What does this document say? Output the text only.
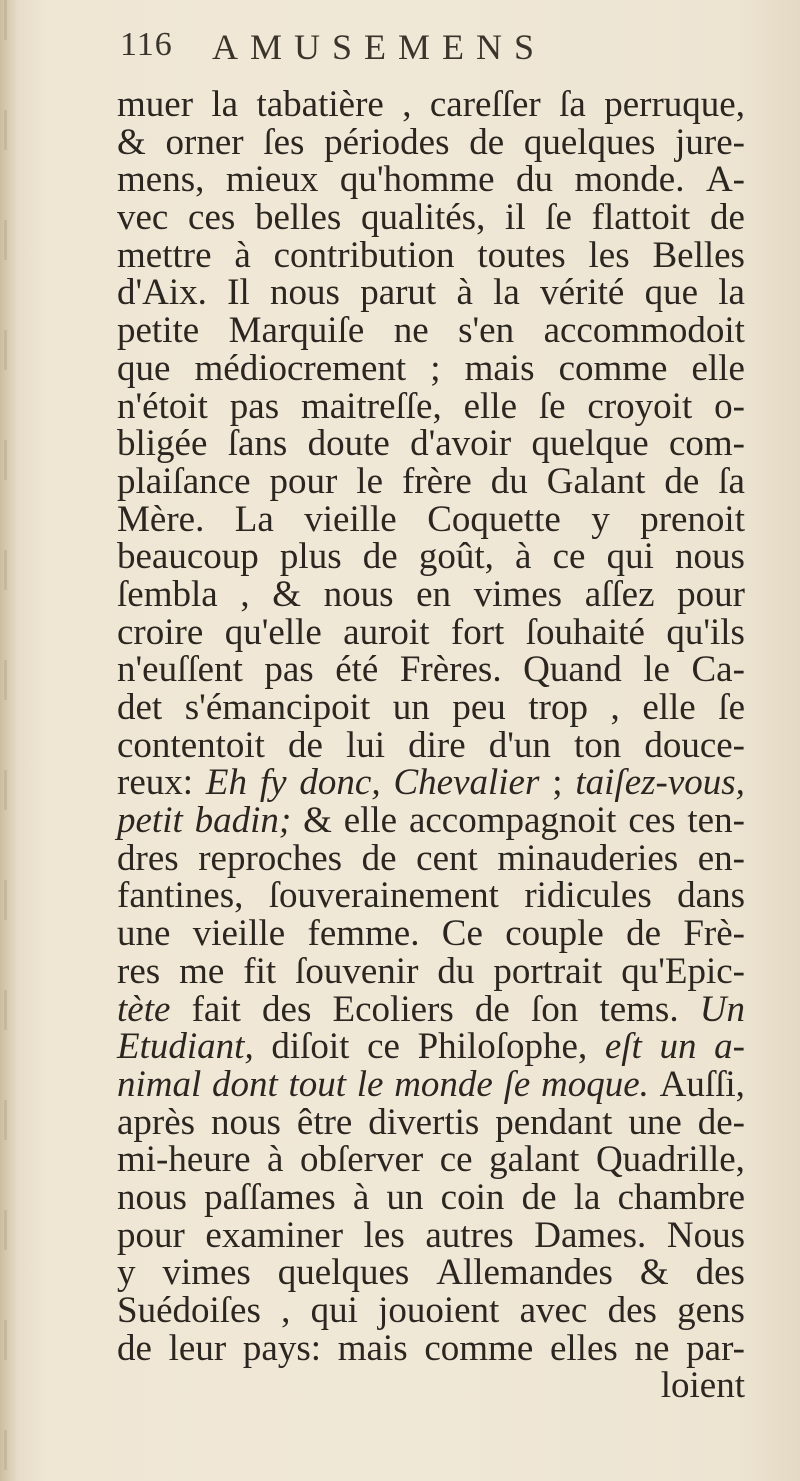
116 AMUSEMENS
muer la tabatière , careſſer ſa perruque,
& orner ſes périodes de quelques jure-
mens, mieux qu'homme du monde. A-
vec ces belles qualités, il ſe flattoit de
mettre à contribution toutes les Belles
d'Aix. Il nous parut à la vérité que la
petite Marquiſe ne s'en accommodoit
que médiocrement ; mais comme elle
n'étoit pas maitreſſe, elle ſe croyoit o-
bligée ſans doute d'avoir quelque com-
plaiſance pour le frère du Galant de ſa
Mère. La vieille Coquette y prenoit
beaucoup plus de goût, à ce qui nous
ſembla , & nous en vimes aſſez pour
croire qu'elle auroit fort ſouhaité qu'ils
n'euſſent pas été Frères. Quand le Ca-
det s'émancipoit un peu trop , elle ſe
contentoit de lui dire d'un ton douce-
reux: Eh fy donc, Chevalier ; taiſez-vous,
petit badin; & elle accompagnoit ces ten-
dres reproches de cent minauderies en-
fantines, ſouverainement ridicules dans
une vieille femme. Ce couple de Frè-
res me fit ſouvenir du portrait qu'Epic-
tète fait des Ecoliers de ſon tems. Un
Etudiant, diſoit ce Philoſophe, eſt un a-
nimal dont tout le monde ſe moque. Auſſi,
après nous être divertis pendant une de-
mi-heure à obſerver ce galant Quadrille,
nous paſſames à un coin de la chambre
pour examiner les autres Dames. Nous
y vimes quelques Allemandes & des
Suédoiſes , qui jouoient avec des gens
de leur pays: mais comme elles ne par-
loient
